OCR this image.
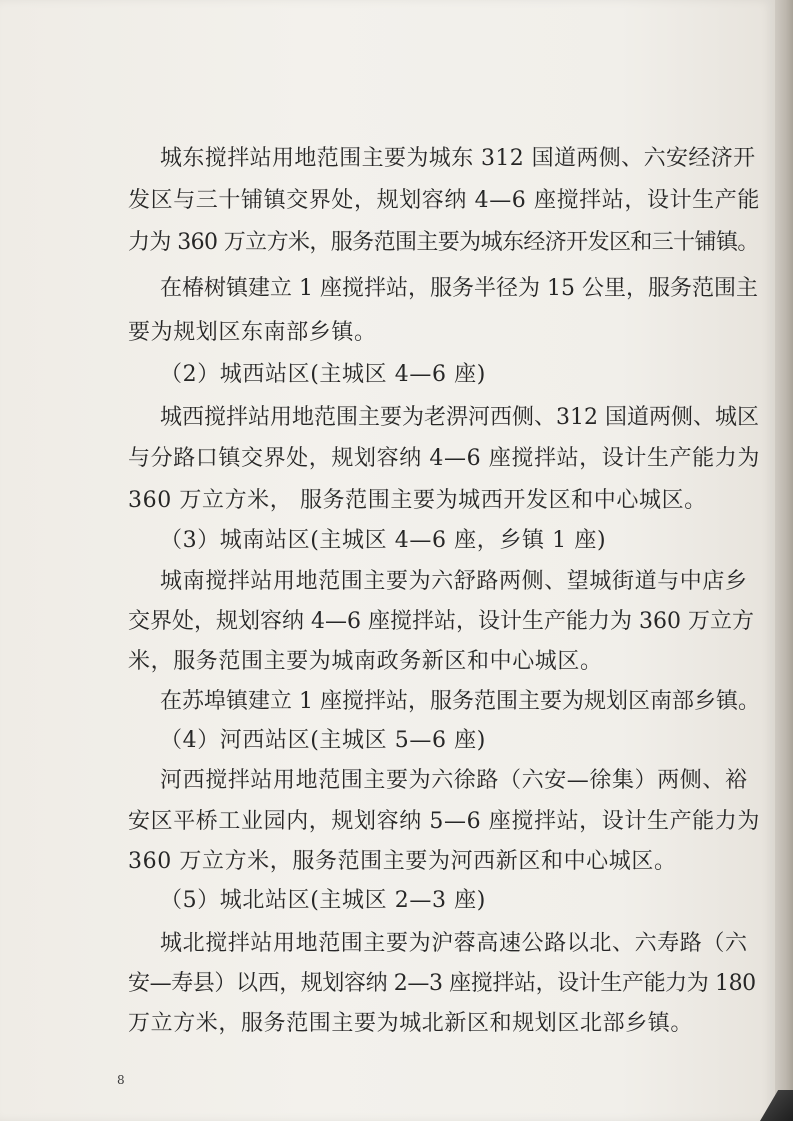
城东搅拌站用地范围主要为城东 312 国道两侧、六安经济开

发区与三十铺镇交界处，规划容纳 4—6 座搅拌站，设计生产能

力为 360 万立方米，服务范围主要为城东经济开发区和三十铺镇。

在椿树镇建立 1 座搅拌站，服务半径为 15 公里，服务范围主

要为规划区东南部乡镇。

（2）城西站区(主城区 4—6 座)

城西搅拌站用地范围主要为老淠河西侧、312 国道两侧、城区

与分路口镇交界处，规划容纳 4—6 座搅拌站，设计生产能力为

360 万立方米， 服务范围主要为城西开发区和中心城区。

（3）城南站区(主城区 4—6 座，乡镇 1 座)

城南搅拌站用地范围主要为六舒路两侧、望城街道与中店乡

交界处，规划容纳 4—6 座搅拌站，设计生产能力为 360 万立方

米，服务范围主要为城南政务新区和中心城区。

在苏埠镇建立 1 座搅拌站，服务范围主要为规划区南部乡镇。

（4）河西站区(主城区 5—6 座)

河西搅拌站用地范围主要为六徐路（六安—徐集）两侧、裕

安区平桥工业园内，规划容纳 5—6 座搅拌站，设计生产能力为

360 万立方米，服务范围主要为河西新区和中心城区。

（5）城北站区(主城区 2—3 座)

城北搅拌站用地范围主要为沪蓉高速公路以北、六寿路（六

安—寿县）以西，规划容纳 2—3 座搅拌站，设计生产能力为 180

万立方米，服务范围主要为城北新区和规划区北部乡镇。

8
